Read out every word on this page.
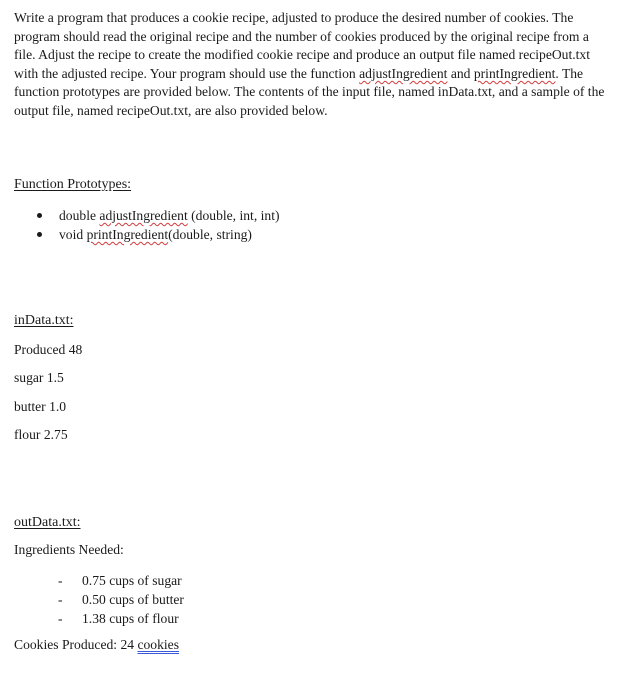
Write a program that produces a cookie recipe, adjusted to produce the desired number of cookies. The program should read the original recipe and the number of cookies produced by the original recipe from a file. Adjust the recipe to create the modified cookie recipe and produce an output file named recipeOut.txt with the adjusted recipe. Your program should use the function adjustIngredient and printIngredient. The function prototypes are provided below. The contents of the input file, named inData.txt, and a sample of the output file, named recipeOut.txt, are also provided below.

Function Prototypes:

double adjustIngredient (double, int, int)
void printIngredient(double, string)

inData.txt:

Produced 48

sugar 1.5

butter 1.0

flour 2.75

outData.txt:

Ingredients Needed:

- 0.75 cups of sugar
- 0.50 cups of butter
- 1.38 cups of flour

Cookies Produced: 24 cookies
